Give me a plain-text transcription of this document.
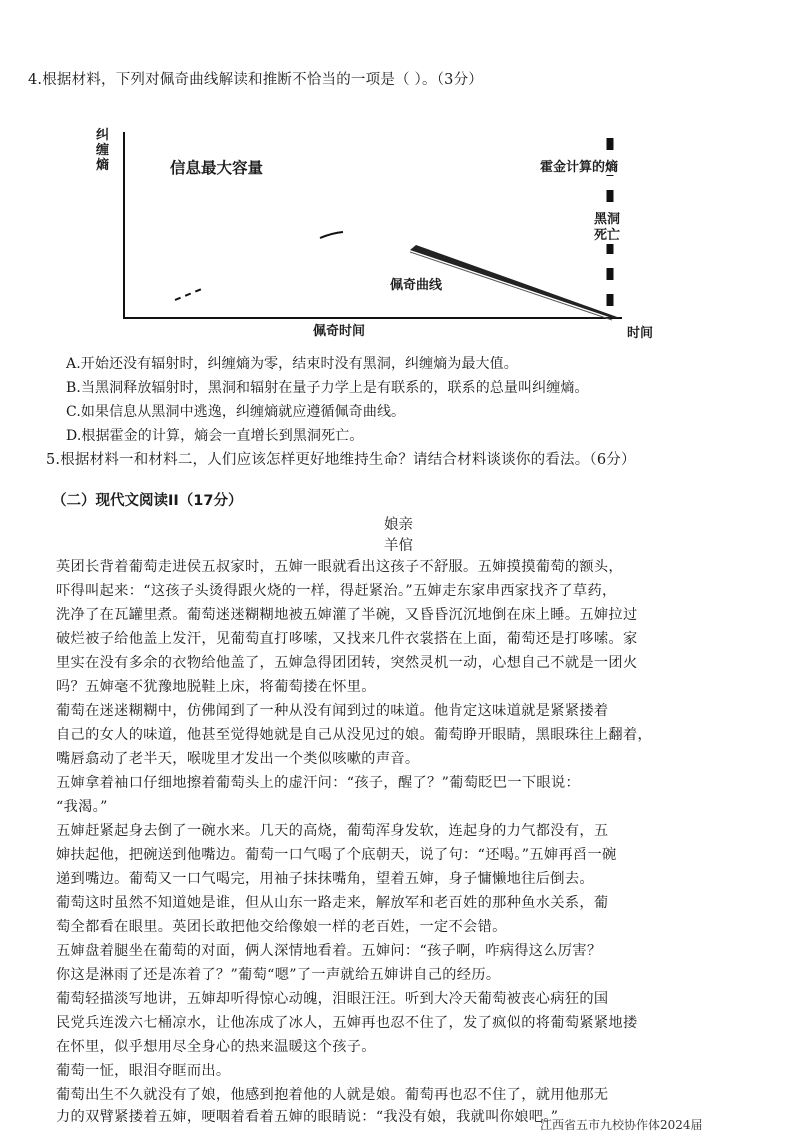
4.根据材料，下列对佩奇曲线解读和推断不恰当的一项是（ ）。（3分）
纠缠熵	信息最大容量	霍金计算的熵
黑洞死亡
佩奇曲线
佩奇时间	时间
A.开始还没有辐射时，纠缠熵为零，结束时没有黑洞，纠缠熵为最大值。
B.当黑洞释放辐射时，黑洞和辐射在量子力学上是有联系的，联系的总量叫纠缠熵。
C.如果信息从黑洞中逃逸，纠缠熵就应遵循佩奇曲线。
D.根据霍金的计算，熵会一直增长到黑洞死亡。
5.根据材料一和材料二，人们应该怎样更好地维持生命？请结合材料谈谈你的看法。（6分）
（二）现代文阅读II（17分）
娘亲
羊倌
英团长背着葡萄走进侯五叔家时，五婶一眼就看出这孩子不舒服。五婶摸摸葡萄的额头，
吓得叫起来：“这孩子头烫得跟火烧的一样，得赶紧治。”五婶走东家串西家找齐了草药，
洗净了在瓦罐里煮。葡萄迷迷糊糊地被五婶灌了半碗，又昏昏沉沉地倒在床上睡。五婶拉过
破烂被子给他盖上发汗，见葡萄直打哆嗦，又找来几件衣裳搭在上面，葡萄还是打哆嗦。家
里实在没有多余的衣物给他盖了，五婶急得团团转，突然灵机一动，心想自己不就是一团火
吗？五婶毫不犹豫地脱鞋上床，将葡萄搂在怀里。
葡萄在迷迷糊糊中，仿佛闻到了一种从没有闻到过的味道。他肯定这味道就是紧紧搂着
自己的女人的味道，他甚至觉得她就是自己从没见过的娘。葡萄睁开眼睛，黑眼珠往上翻着，
嘴唇翕动了老半天，喉咙里才发出一个类似咳嗽的声音。
五婶拿着袖口仔细地擦着葡萄头上的虚汗问：“孩子，醒了？”葡萄眨巴一下眼说：
“我渴。”
五婶赶紧起身去倒了一碗水来。几天的高烧，葡萄浑身发软，连起身的力气都没有，五
婶扶起他，把碗送到他嘴边。葡萄一口气喝了个底朝天，说了句：“还喝。”五婶再舀一碗
递到嘴边。葡萄又一口气喝完，用袖子抹抹嘴角，望着五婶，身子慵懒地往后倒去。
葡萄这时虽然不知道她是谁，但从山东一路走来，解放军和老百姓的那种鱼水关系，葡
萄全都看在眼里。英团长敢把他交给像娘一样的老百姓，一定不会错。
五婶盘着腿坐在葡萄的对面，俩人深情地看着。五婶问：“孩子啊，咋病得这么厉害？
你这是淋雨了还是冻着了？”葡萄“嗯”了一声就给五婶讲自己的经历。
葡萄轻描淡写地讲，五婶却听得惊心动魄，泪眼汪汪。听到大冷天葡萄被丧心病狂的国
民党兵连泼六七桶凉水，让他冻成了冰人，五婶再也忍不住了，发了疯似的将葡萄紧紧地搂
在怀里，似乎想用尽全身心的热来温暖这个孩子。
葡萄一怔，眼泪夺眶而出。
葡萄出生不久就没有了娘，他感到抱着他的人就是娘。葡萄再也忍不住了，就用他那无
力的双臂紧搂着五婶，哽咽着看着五婶的眼睛说：“我没有娘，我就叫你娘吧。”
江西省五市九校协作体2024届
